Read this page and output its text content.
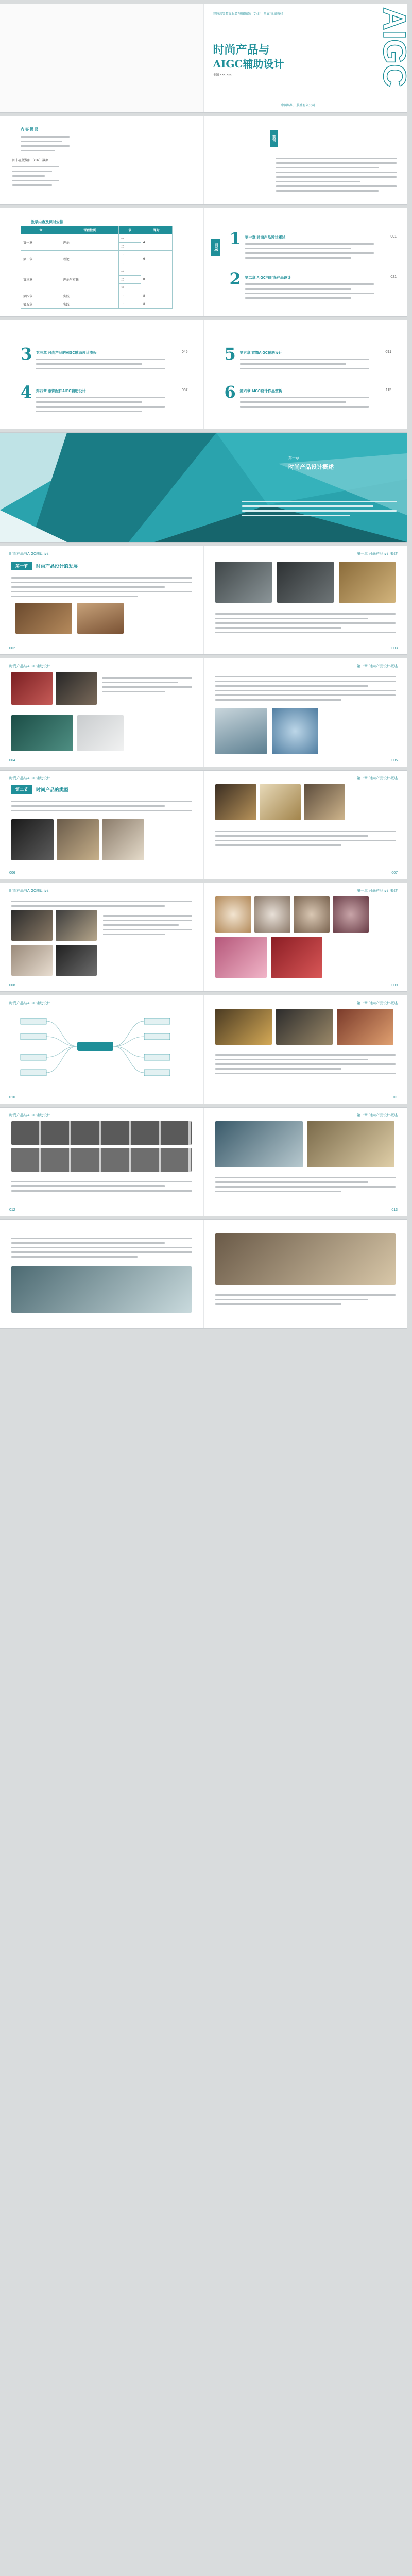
普通高等教育服装与服饰设计专业“十四五”规划教材
时尚产品与
AIGC辅助设计
主编 ××× ×××	AIGC
中国纺织出版社有限公司
内 容 提 要
图书在版编目（CIP）数据
前言
教学内容及课时安排
章	课程性质	节	课时
第一章	理论	一	4
		二	
第二章	理论	一	6
		二	
第三章	理论与实践	一	8
		二	
		三	
第四章	实践	一	8
第五章	实践	一	8
目录 1 第一章 时尚产品设计概述	001
2 第二章 AIGC与时尚产品设计	021
3 第三章 时尚产品的AIGC辅助设计流程	045
4 第四章 服饰配件AIGC辅助设计	067
5 第五章 首饰AIGC辅助设计	091
6 第六章 AIGC设计作品赏析	115
第一章
时尚产品设计概述
时尚产品与AIGC辅助设计
第一节	时尚产品设计的发展
002
第一章 时尚产品设计概述
003
时尚产品与AIGC辅助设计
004
第一章 时尚产品设计概述
005
时尚产品与AIGC辅助设计
第二节	时尚产品的类型
006
第一章 时尚产品设计概述
007
时尚产品与AIGC辅助设计
008
第一章 时尚产品设计概述
009
时尚产品与AIGC辅助设计
010
第一章 时尚产品设计概述
011
时尚产品与AIGC辅助设计
012
第一章 时尚产品设计概述
013
